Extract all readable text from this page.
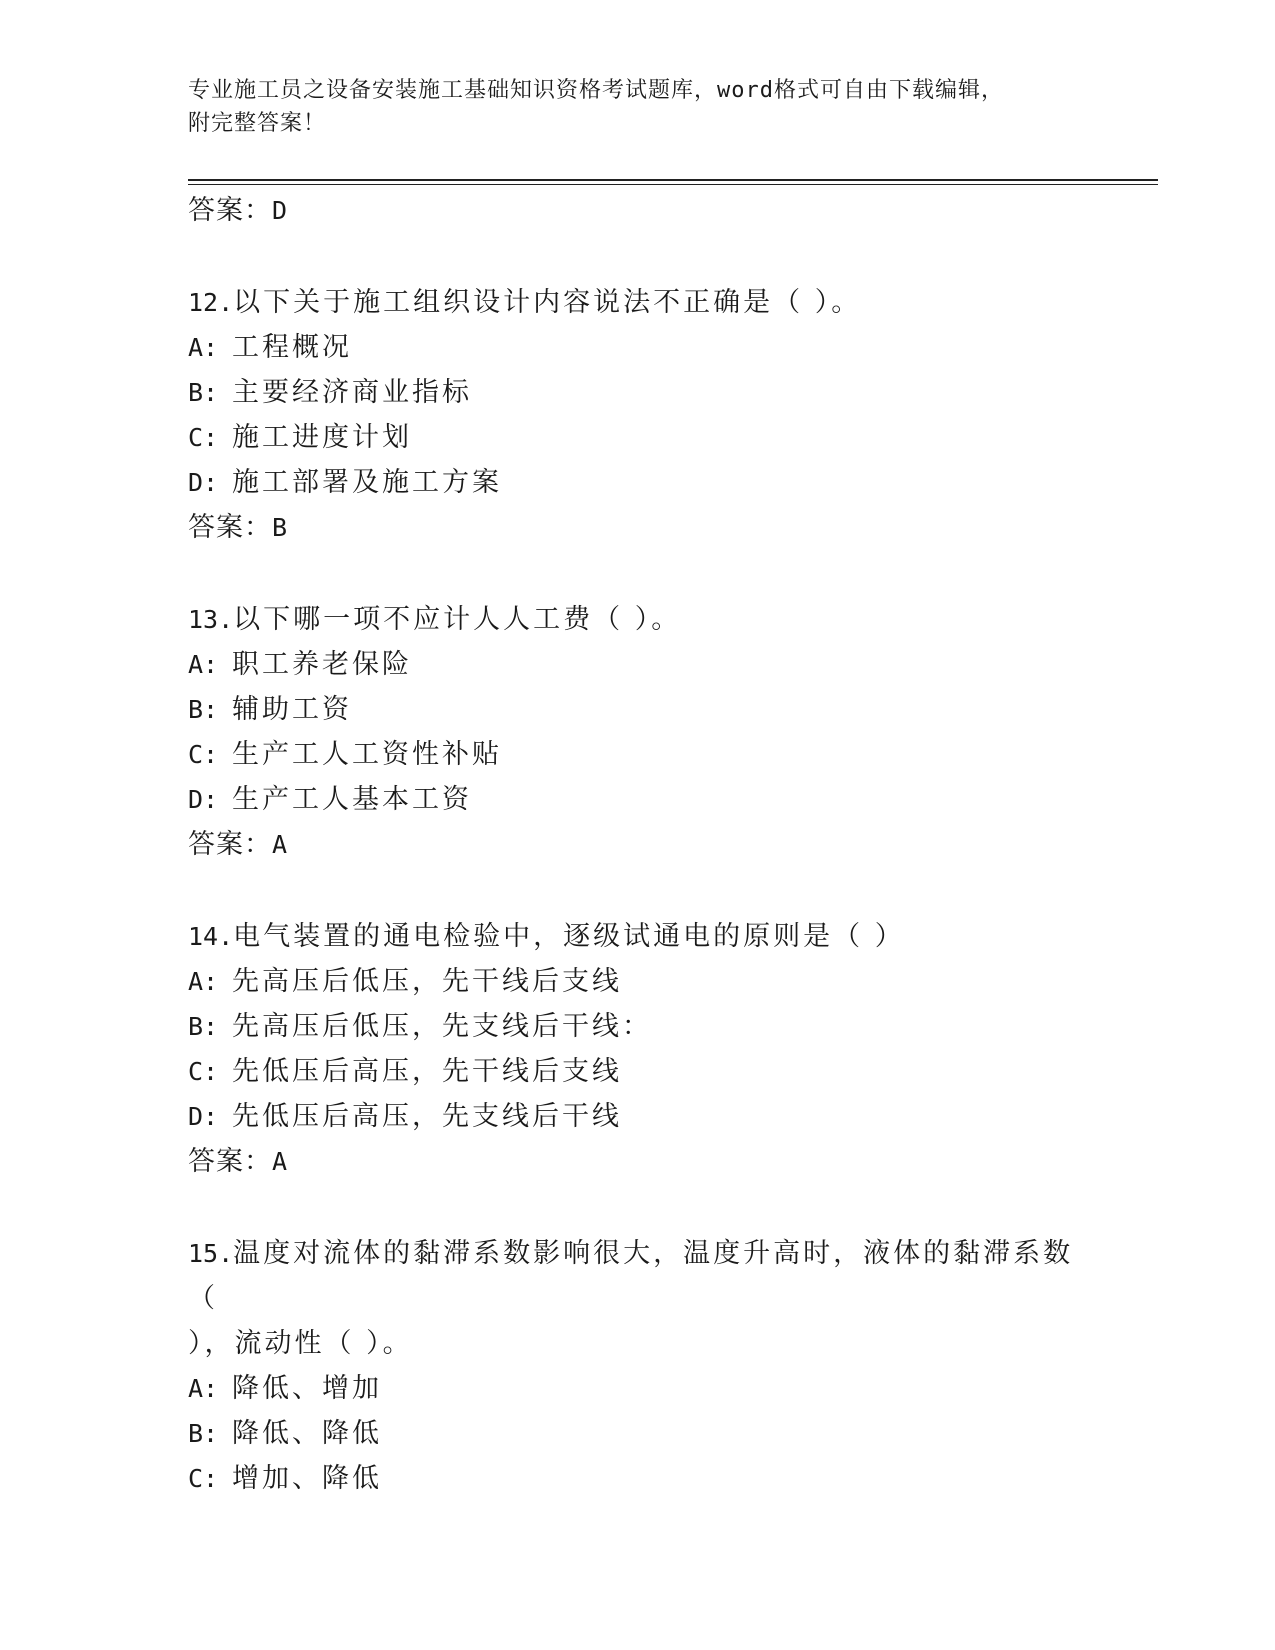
专业施工员之设备安装施工基础知识资格考试题库，word格式可自由下载编辑，
附完整答案！
答案：D
12.以下关于施工组织设计内容说法不正确是（ ）。
A: 工程概况
B: 主要经济商业指标
C: 施工进度计划
D: 施工部署及施工方案
答案：B
13.以下哪一项不应计人人工费（ ）。
A: 职工养老保险
B: 辅助工资
C: 生产工人工资性补贴
D: 生产工人基本工资
答案：A
14.电气装置的通电检验中，逐级试通电的原则是（ ）
A: 先高压后低压，先干线后支线
B: 先高压后低压，先支线后干线：
C: 先低压后高压，先干线后支线
D: 先低压后高压，先支线后干线
答案：A
15.温度对流体的黏滞系数影响很大，温度升高时，液体的黏滞系数（
），流动性（ ）。
A: 降低、增加
B: 降低、降低
C: 增加、降低
